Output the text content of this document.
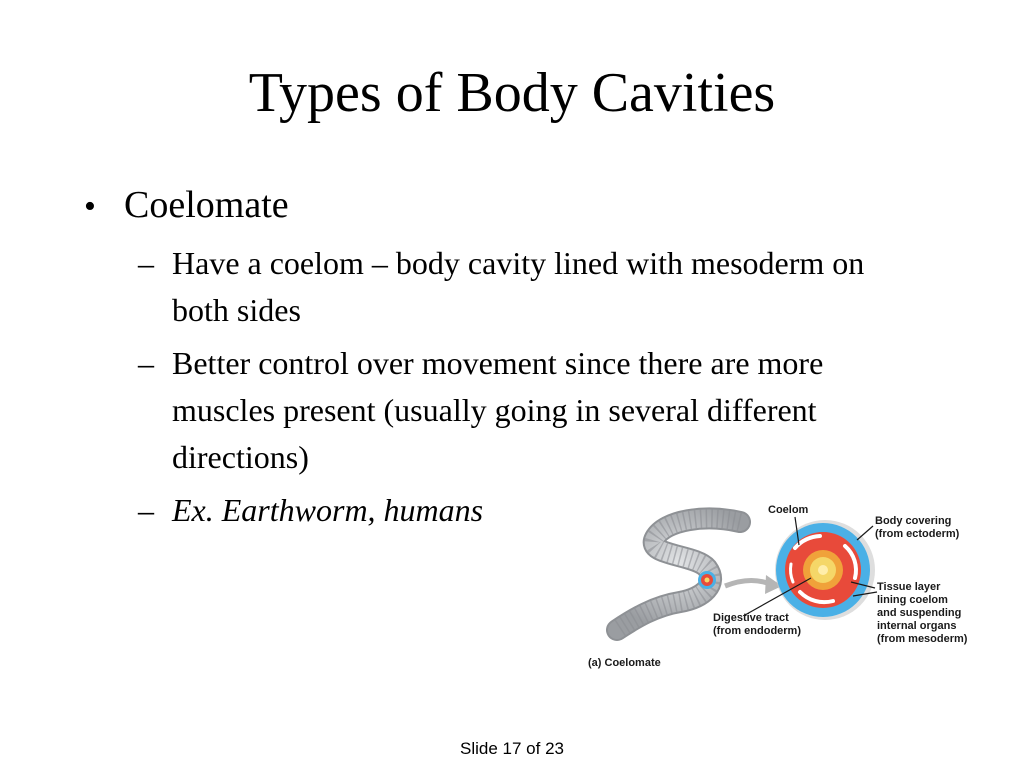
Types of Body Cavities
• Coelomate
– Have a coelom – body cavity lined with mesoderm on both sides
– Better control over movement since there are more muscles present (usually going in several different directions)
– Ex. Earthworm, humans	Coelom
Body covering
(from ectoderm)
Tissue layer
lining coelom
and suspending
internal organs
(from mesoderm)
Digestive tract
(from endoderm)
(a) Coelomate
Slide 17 of 23
